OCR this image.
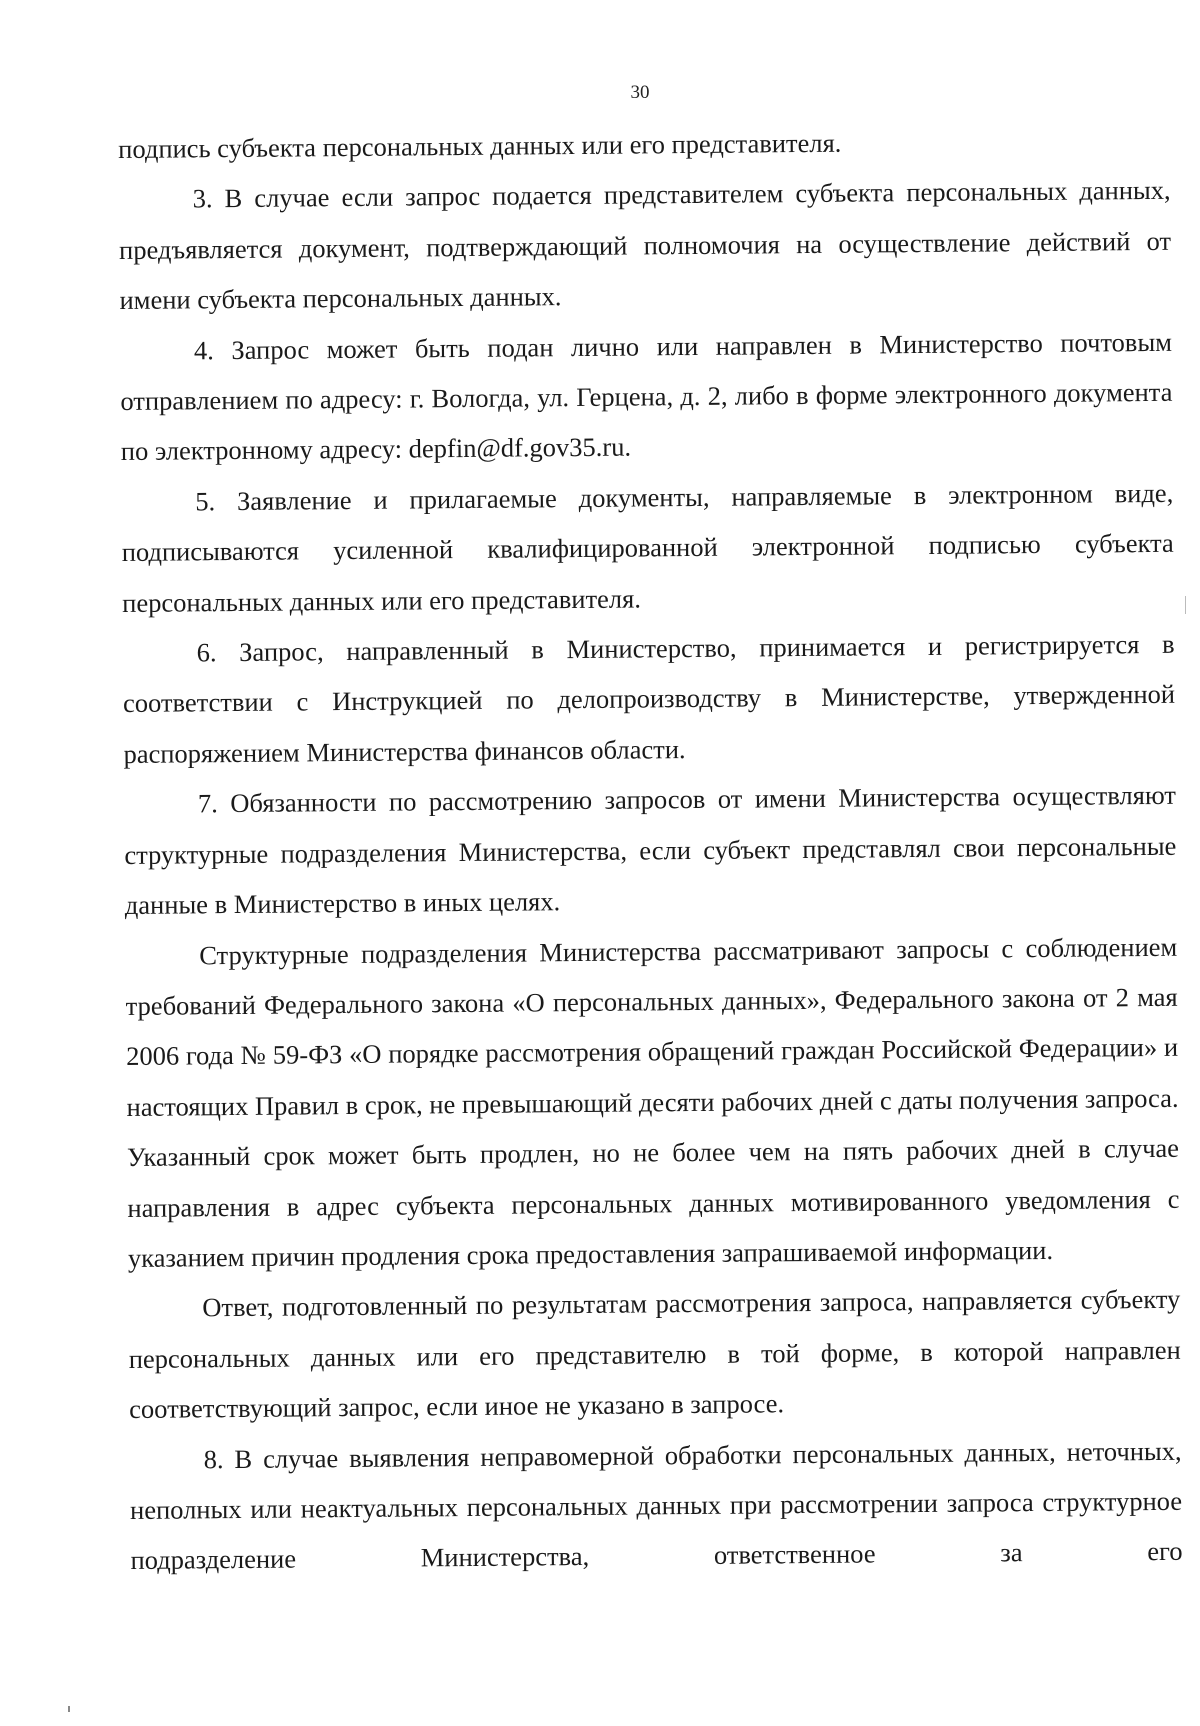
30

подпись субъекта персональных данных или его представителя.

3. В случае если запрос подается представителем субъекта персональных данных, предъявляется документ, подтверждающий полномочия на осуществление действий от имени субъекта персональных данных.

4. Запрос может быть подан лично или направлен в Министерство почтовым отправлением по адресу: г. Вологда, ул. Герцена, д. 2, либо в форме электронного документа по электронному адресу: depfin@df.gov35.ru.

5. Заявление и прилагаемые документы, направляемые в электронном виде, подписываются усиленной квалифицированной электронной подписью субъекта персональных данных или его представителя.

6. Запрос, направленный в Министерство, принимается и регистрируется в соответствии с Инструкцией по делопроизводству в Министерстве, утвержденной распоряжением Министерства финансов области.

7. Обязанности по рассмотрению запросов от имени Министерства осуществляют структурные подразделения Министерства, если субъект представлял свои персональные данные в Министерство в иных целях.

Структурные подразделения Министерства рассматривают запросы с соблюдением требований Федерального закона «О персональных данных», Федерального закона от 2 мая 2006 года № 59-ФЗ «О порядке рассмотрения обращений граждан Российской Федерации» и настоящих Правил в срок, не превышающий десяти рабочих дней с даты получения запроса. Указанный срок может быть продлен, но не более чем на пять рабочих дней в случае направления в адрес субъекта персональных данных мотивированного уведомления с указанием причин продления срока предоставления запрашиваемой информации.

Ответ, подготовленный по результатам рассмотрения запроса, направляется субъекту персональных данных или его представителю в той форме, в которой направлен соответствующий запрос, если иное не указано в запросе.

8. В случае выявления неправомерной обработки персональных данных, неточных, неполных или неактуальных персональных данных при рассмотрении запроса структурное подразделение Министерства, ответственное за его
